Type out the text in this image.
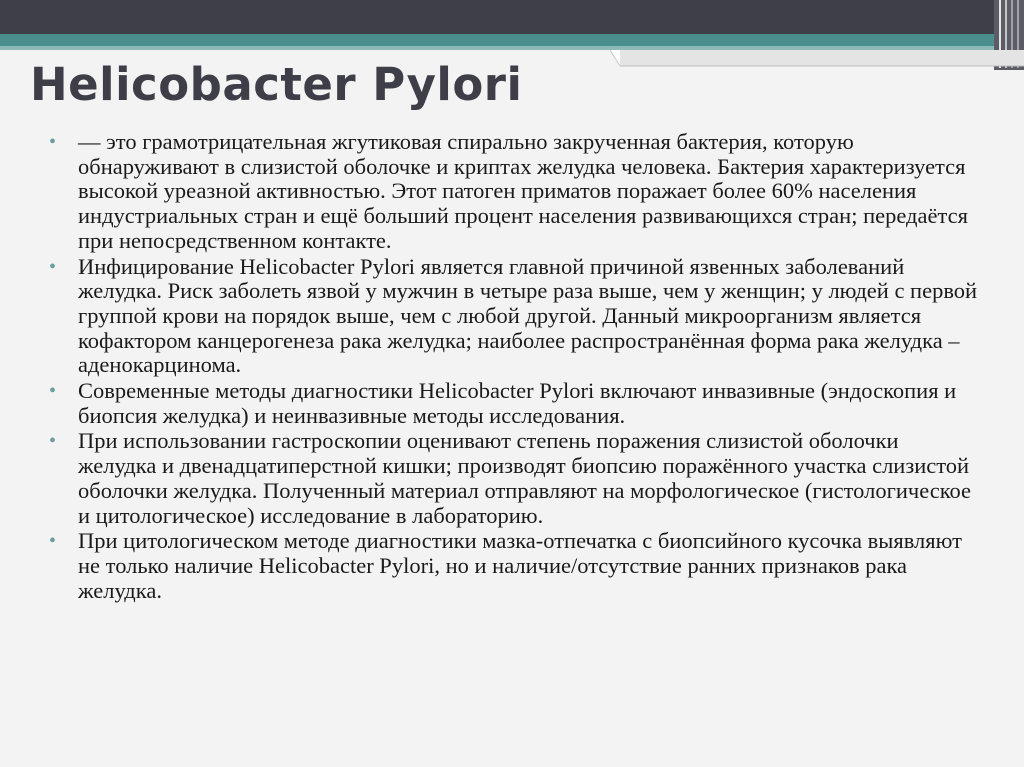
Helicobacter Pylori
• — это грамотрицательная жгутиковая спирально закрученная бактерия, которую обнаруживают в слизистой оболочке и криптах желудка человека. Бактерия характеризуется высокой уреазной активностью. Этот патоген приматов поражает более 60% населения индустриальных стран и ещё больший процент населения развивающихся стран; передаётся при непосредственном контакте.
• Инфицирование Helicobacter Pylori является главной причиной язвенных заболеваний желудка. Риск заболеть язвой у мужчин в четыре раза выше, чем у женщин; у людей с первой группой крови на порядок выше, чем с любой другой. Данный микроорганизм является кофактором канцерогенеза рака желудка; наиболее распространённая форма рака желудка – аденокарцинома.
• Современные методы диагностики Helicobacter Pylori включают инвазивные (эндоскопия и биопсия желудка) и неинвазивные методы исследования.
• При использовании гастроскопии оценивают степень поражения слизистой оболочки желудка и двенадцатиперстной кишки; производят биопсию поражённого участка слизистой оболочки желудка. Полученный материал отправляют на морфологическое (гистологическое и цитологическое) исследование в лабораторию.
• При цитологическом методе диагностики мазка-отпечатка с биопсийного кусочка выявляют не только наличие Helicobacter Pylori, но и наличие/отсутствие ранних признаков рака желудка.
